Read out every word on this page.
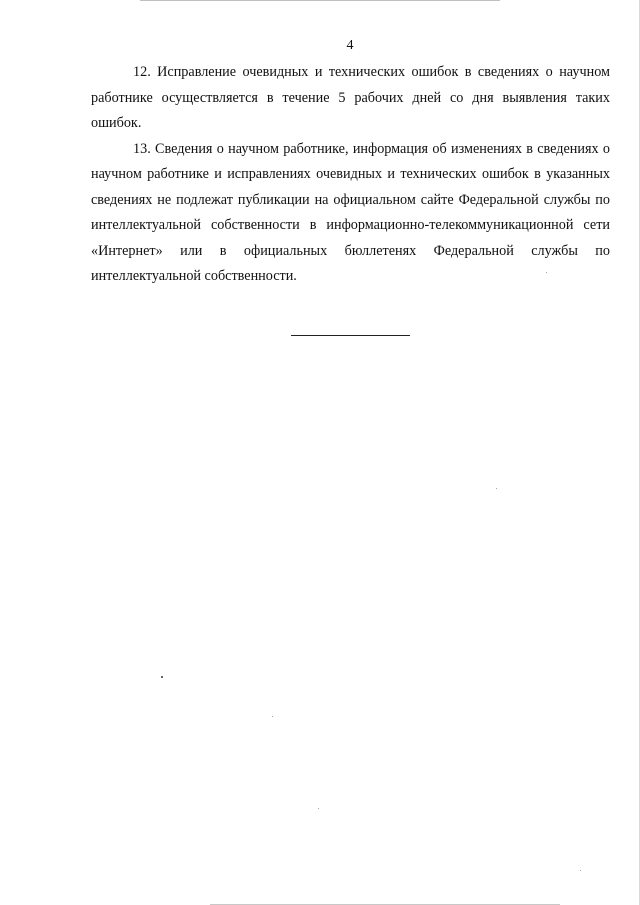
4

12. Исправление очевидных и технических ошибок в сведениях о научном работнике осуществляется в течение 5 рабочих дней со дня выявления таких ошибок.

13. Сведения о научном работнике, информация об изменениях в сведениях о научном работнике и исправлениях очевидных и технических ошибок в указанных сведениях не подлежат публикации на официальном сайте Федеральной службы по интеллектуальной собственности в информационно-телекоммуникационной сети «Интернет» или в официальных бюллетенях Федеральной службы по интеллектуальной собственности.
